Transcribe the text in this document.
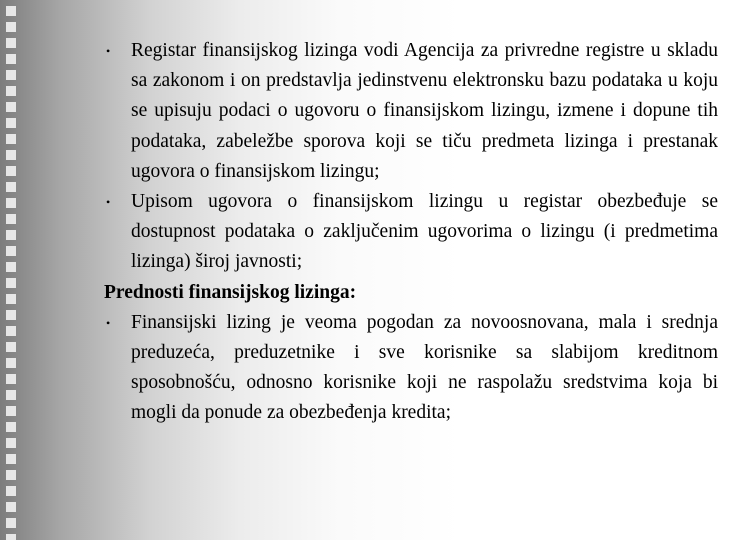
• Registar finansijskog lizinga vodi Agencija za privredne registre u skladu sa zakonom i on predstavlja jedinstvenu elektronsku bazu podataka u koju se upisuju podaci o ugovoru o finansijskom lizingu, izmene i dopune tih podataka, zabeležbe sporova koji se tiču predmeta lizinga i prestanak ugovora o finansijskom lizingu;
• Upisom ugovora o finansijskom lizingu u registar obezbeđuje se dostupnost podataka o zaključenim ugovorima o lizingu (i predmetima lizinga) široj javnosti;

Prednosti finansijskog lizinga:

• Finansijski lizing je veoma pogodan za novoosnovana, mala i srednja preduzeća, preduzetnike i sve korisnike sa slabijom kreditnom sposobnošću, odnosno korisnike koji ne raspolažu sredstvima koja bi mogli da ponude za obezbeđenja kredita;
